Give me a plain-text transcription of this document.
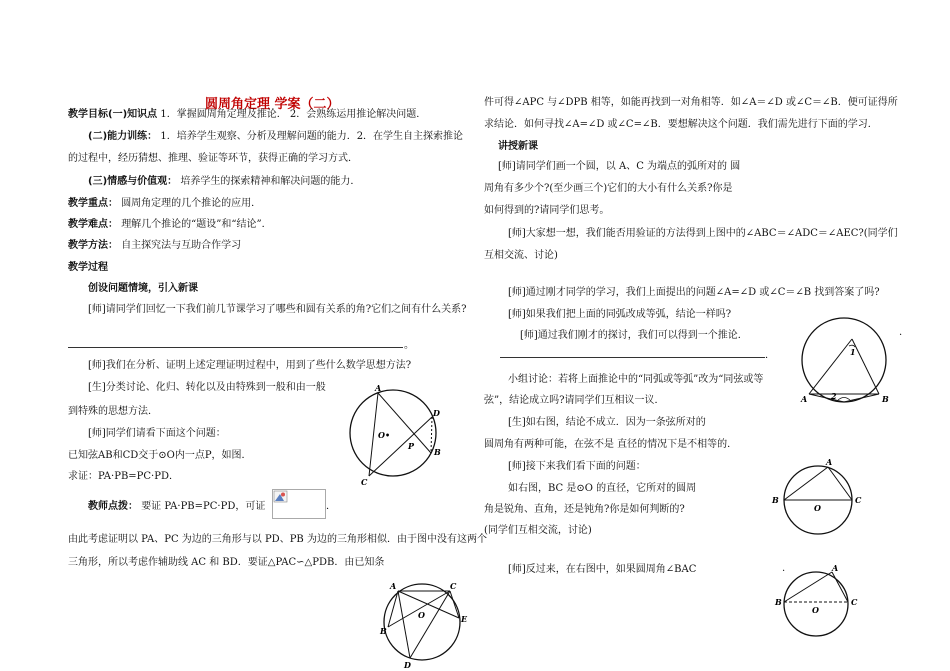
圆周角定理 学案（二）
教学目标(一)知识点 1．掌握圆周角定理及推论． 2．会熟练运用推论解决问题．
(二)能力训练： 1．培养学生观察、分析及理解问题的能力．2．在学生自主探索推论
的过程中，经历猜想、推理、验证等环节，获得正确的学习方式．
(三)情感与价值观： 培养学生的探索精神和解决问题的能力．
教学重点： 圆周角定理的几个推论的应用．
教学难点： 理解几个推论的“题设”和“结论”．
教学方法： 自主探究法与互助合作学习
教学过程
创设问题情境，引入新课
[师]请同学们回忆一下我们前几节课学习了哪些和圆有关系的角?它们之间有什么关系?
。
[师]我们在分析、证明上述定理证明过程中，用到了些什么数学思想方法?
[生]分类讨论、化归、转化以及由特殊到一般和由一般
到特殊的思想方法．
[师]同学们请看下面这个问题：
已知弦AB和CD交于⊙O内一点P，如图．
求证：PA·PB=PC·PD．
教师点拨： 要证 PA·PB=PC·PD，可证	．
由此考虑证明以 PA、PC 为边的三角形与以 PD、PB 为边的三角形相似．由于图中没有这两个
三角形，所以考虑作辅助线 AC 和 BD．要证△PAC∽△PDB．由已知条
A
B
C
D
O•
P
A	C
B
E
D
O
件可得∠APC 与∠DPB 相等，如能再找到一对角相等．如∠A＝∠D 或∠C＝∠B．便可证得所
求结论．如何寻找∠A=∠D 或∠C=∠B．要想解决这个问题．我们需先进行下面的学习．
讲授新课
[师]请同学们画一个圆，以 A、C 为端点的弧所对的 圆
周角有多少个?(至少画三个)它们的大小有什么关系?你是
如何得到的?请同学们思考。
[师]大家想一想，我们能否用验证的方法得到上图中的∠ABC＝∠ADC＝∠AEC?(同学们
互相交流、讨论)
[师]通过刚才同学的学习，我们上面提出的问题∠A=∠D 或∠C＝∠B 找到答案了吗?
[师]如果我们把上面的同弧改成等弧，结论一样吗?
[师]通过我们刚才的探讨，我们可以得到一个推论．	.
．
小组讨论：若将上面推论中的“同弧或等弧”改为“同弦或等
弦”，结论成立吗?请同学们互相议一议．
[生]如右图，结论不成立．因为一条弦所对的
圆周角有两种可能，在弦不是 直径的情况下是不相等的．
[师]接下来我们看下面的问题：
如右图，BC 是⊙O 的直径，它所对的圆周
角是锐角、直角，还是钝角?你是如何判断的?
(同学们互相交流，讨论)
[师]反过来，在右图中，如果圆周角∠BAC	.
A	B
1
2
B	C
A
O
B	C
A
O
